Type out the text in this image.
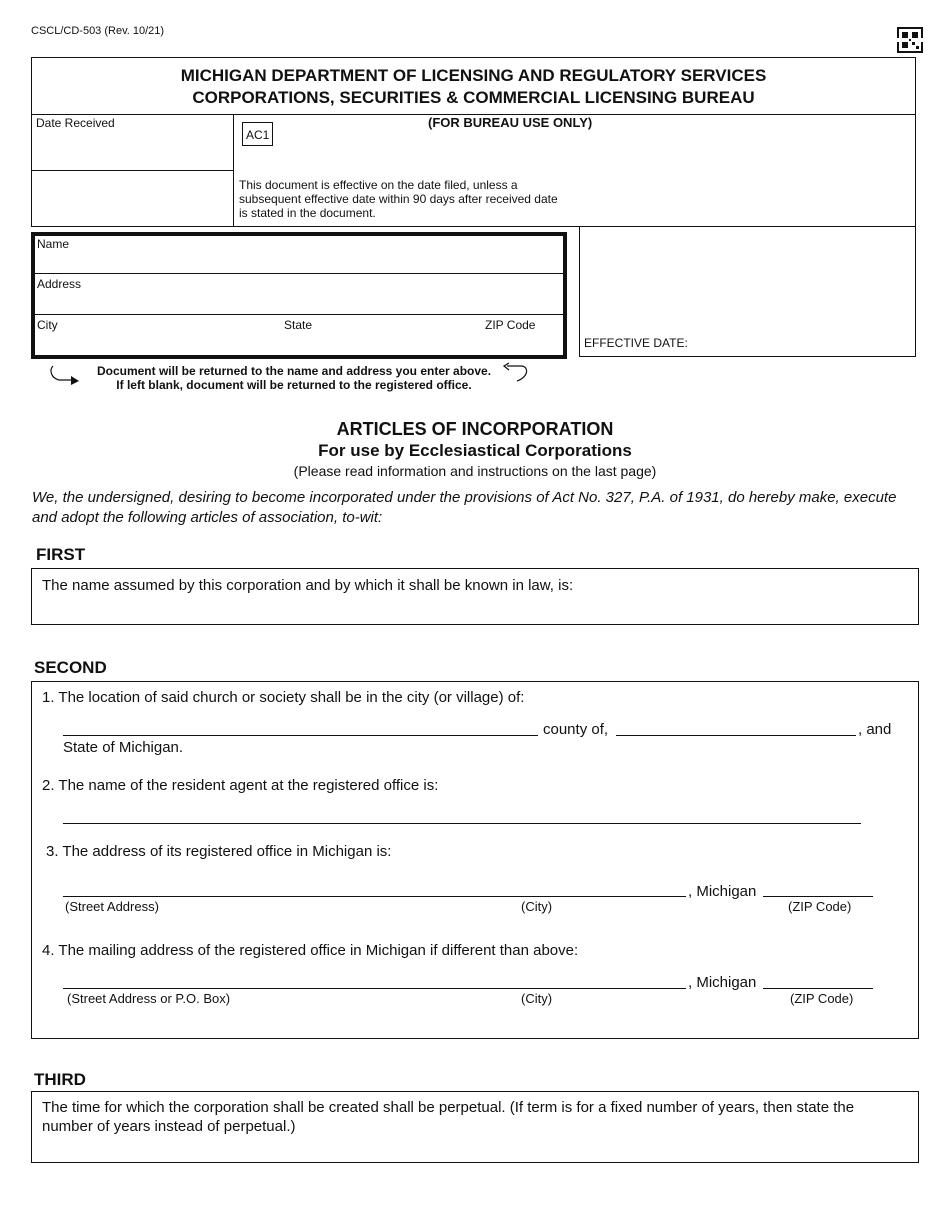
CSCL/CD-503 (Rev. 10/21)
MICHIGAN DEPARTMENT OF LICENSING AND REGULATORY SERVICES
CORPORATIONS, SECURITIES & COMMERCIAL LICENSING BUREAU
Date Received
AC1
(FOR BUREAU USE ONLY)
This document is effective on the date filed, unless a subsequent effective date within 90 days after received date is stated in the document.
EFFECTIVE DATE:
Name
Address
City	State	ZIP Code
Document will be returned to the name and address you enter above.
If left blank, document will be returned to the registered office.
ARTICLES OF INCORPORATION
For use by Ecclesiastical Corporations
(Please read information and instructions on the last page)
We, the undersigned, desiring to become incorporated under the provisions of Act No. 327, P.A. of 1931, do hereby make, execute and adopt the following articles of association, to-wit:
FIRST
The name assumed by this corporation and by which it shall be known in law, is:
SECOND
1. The location of said church or society shall be in the city (or village) of:
county of,	, and
State of Michigan.
2. The name of the resident agent at the registered office is:
3. The address of its registered office in Michigan is:
, Michigan
(Street Address)	(City)	(ZIP Code)
4. The mailing address of the registered office in Michigan if different than above:
, Michigan
(Street Address or P.O. Box)	(City)	(ZIP Code)
THIRD
The time for which the corporation shall be created shall be perpetual. (If term is for a fixed number of years, then state the number of years instead of perpetual.)
